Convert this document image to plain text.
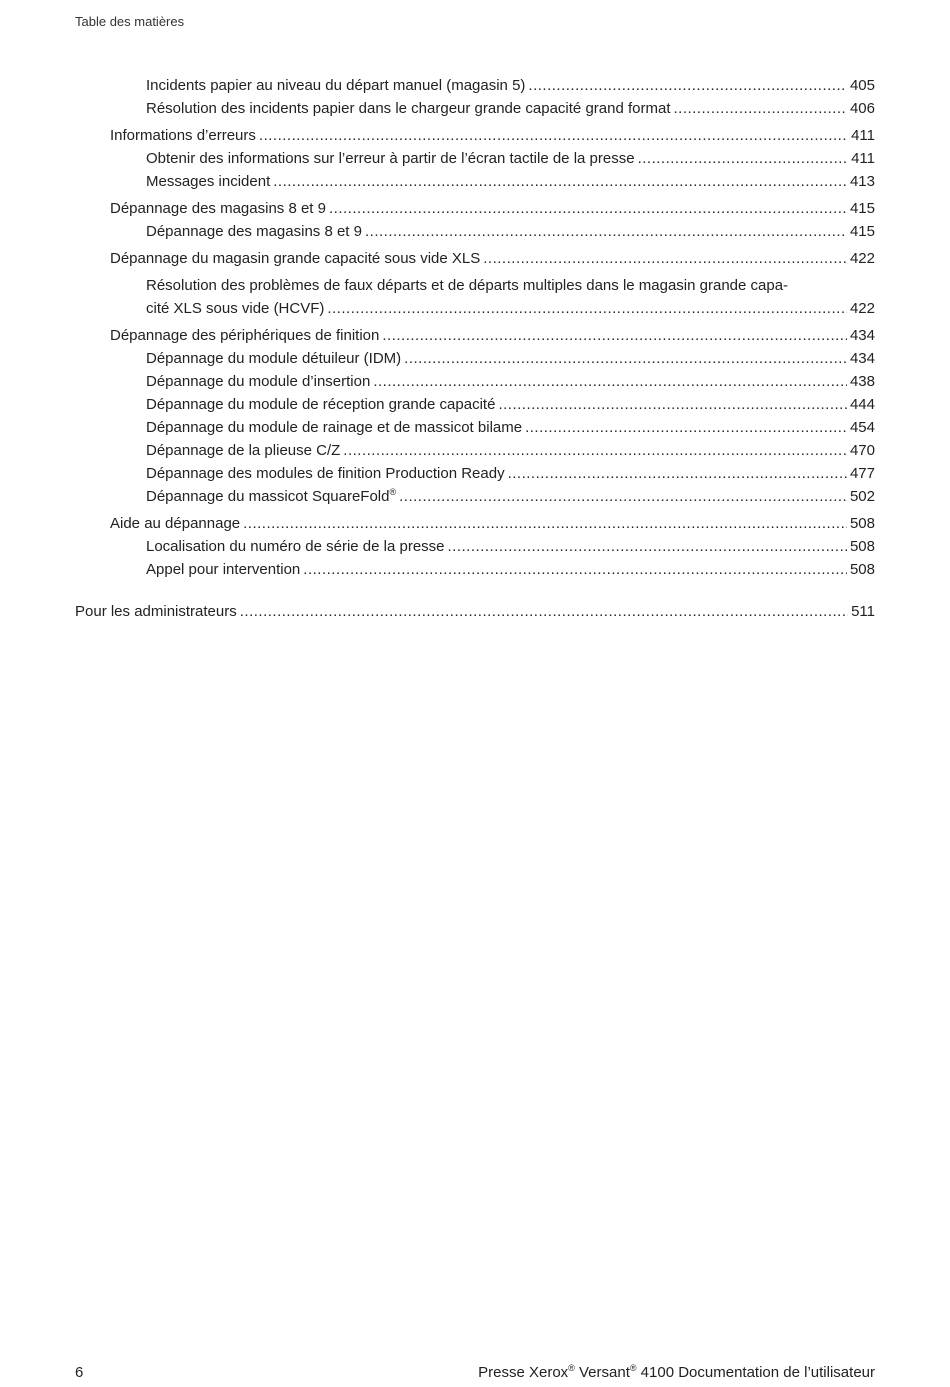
Table des matières
Incidents papier au niveau du départ manuel (magasin 5) .....	405
Résolution des incidents papier dans le chargeur grande capacité grand format .....	406
Informations d’erreurs .....	411
Obtenir des informations sur l’erreur à partir de l’écran tactile de la presse .....	411
Messages incident .....	413
Dépannage des magasins 8 et 9 .....	415
Dépannage des magasins 8 et 9 .....	415
Dépannage du magasin grande capacité sous vide XLS .....	422
Résolution des problèmes de faux départs et de départs multiples dans le magasin grande capa-
cité XLS sous vide (HCVF) .....	422
Dépannage des périphériques de finition .....	434
Dépannage du module détuileur (IDM) .....	434
Dépannage du module d’insertion .....	438
Dépannage du module de réception grande capacité .....	444
Dépannage du module de rainage et de massicot bilame .....	454
Dépannage de la plieuse C/Z .....	470
Dépannage des modules de finition Production Ready .....	477
Dépannage du massicot SquareFold® .....	502
Aide au dépannage .....	508
Localisation du numéro de série de la presse .....	508
Appel pour intervention .....	508
Pour les administrateurs .....	511
6	Presse Xerox® Versant® 4100 Documentation de l’utilisateur
